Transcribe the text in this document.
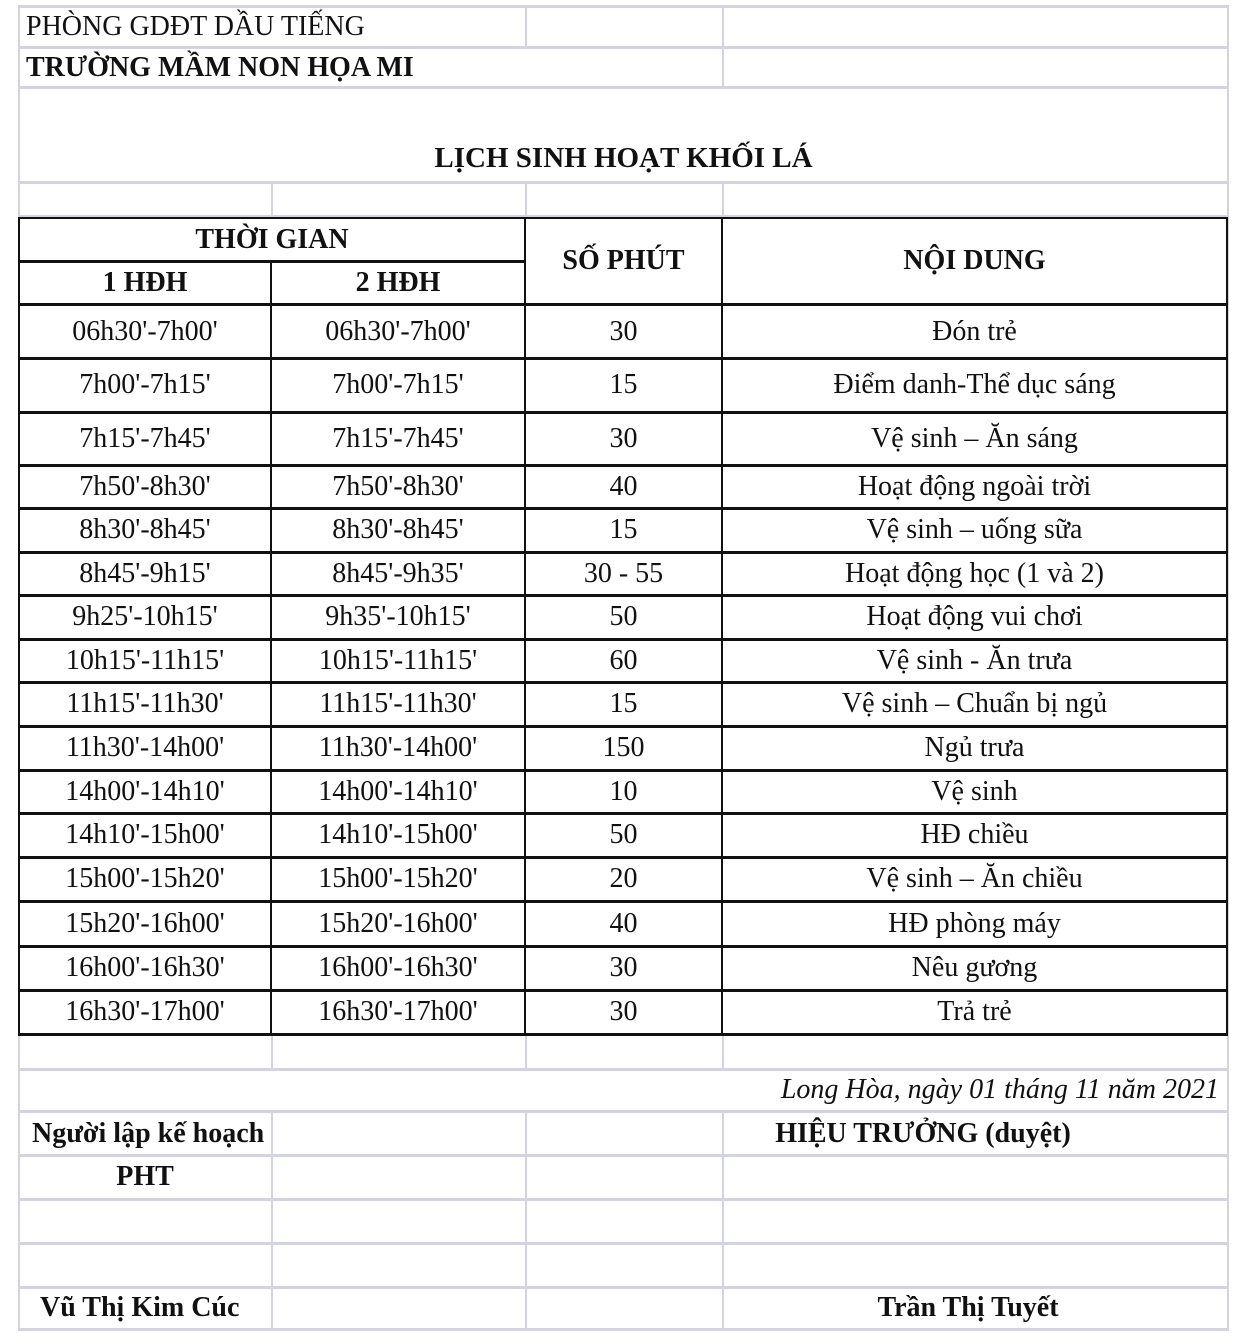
PHÒNG GDĐT DẦU TIẾNG
TRƯỜNG MẦM NON HỌA MI
LỊCH SINH HOẠT KHỐI LÁ
THỜI GIAN
1 HĐH	2 HĐH
SỐ PHÚT	NỘI DUNG
06h30'-7h00'	06h30'-7h00'	30	Đón trẻ
7h00'-7h15'	7h00'-7h15'	15	Điểm danh-Thể dục sáng
7h15'-7h45'	7h15'-7h45'	30	Vệ sinh – Ăn sáng
7h50'-8h30'	7h50'-8h30'	40	Hoạt động ngoài trời
8h30'-8h45'	8h30'-8h45'	15	Vệ sinh – uống sữa
8h45'-9h15'	8h45'-9h35'	30 - 55	Hoạt động học (1 và 2)
9h25'-10h15'	9h35'-10h15'	50	Hoạt động vui chơi
10h15'-11h15'	10h15'-11h15'	60	Vệ sinh - Ăn trưa
11h15'-11h30'	11h15'-11h30'	15	Vệ sinh – Chuẩn bị ngủ
11h30'-14h00'	11h30'-14h00'	150	Ngủ trưa
14h00'-14h10'	14h00'-14h10'	10	Vệ sinh
14h10'-15h00'	14h10'-15h00'	50	HĐ chiều
15h00'-15h20'	15h00'-15h20'	20	Vệ sinh – Ăn chiều
15h20'-16h00'	15h20'-16h00'	40	HĐ phòng máy
16h00'-16h30'	16h00'-16h30'	30	Nêu gương
16h30'-17h00'	16h30'-17h00'	30	Trả trẻ
Long Hòa, ngày 01 tháng 11 năm 2021
Người lập kế hoạch
PHT
Vũ Thị Kim Cúc
HIỆU TRƯỞNG (duyệt)
Trần Thị Tuyết
